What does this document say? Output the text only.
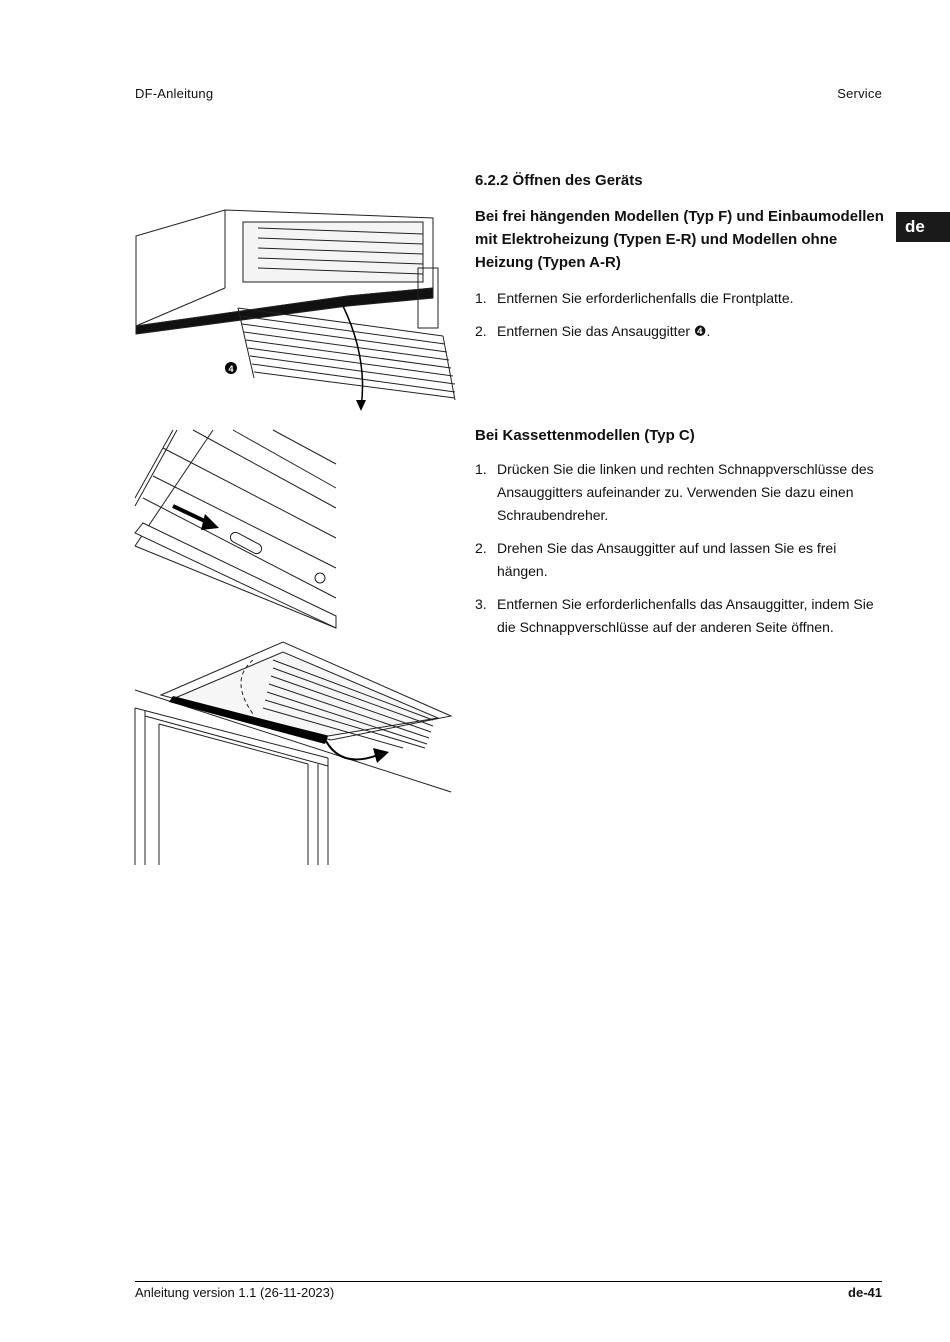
DF-Anleitung	Service
de
6.2.2 Öffnen des Geräts

Bei frei hängenden Modellen (Typ F) und Einbaumodellen mit Elektroheizung (Typen E-R) und Modellen ohne Heizung (Typen A-R)

1. Entfernen Sie erforderlichenfalls die Frontplatte.
2. Entfernen Sie das Ansauggitter ❹.

Bei Kassettenmodellen (Typ C)

1. Drücken Sie die linken und rechten Schnappverschlüsse des Ansauggitters aufeinander zu. Verwenden Sie dazu einen Schraubendreher.
2. Drehen Sie das Ansauggitter auf und lassen Sie es frei hängen.
3. Entfernen Sie erforderlichenfalls das Ansauggitter, indem Sie die Schnappverschlüsse auf der anderen Seite öffnen.
4
Anleitung version 1.1 (26-11-2023)	de-41
